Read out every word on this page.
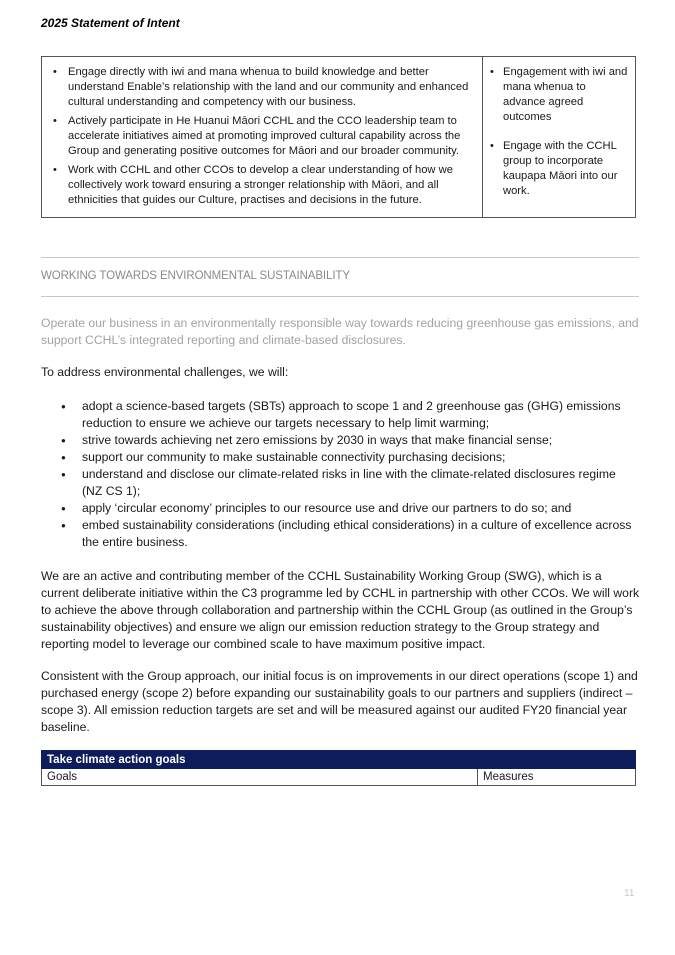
2025 Statement of Intent
• Engage directly with iwi and mana whenua to build knowledge and better understand Enable’s relationship with the land and our community and enhanced cultural understanding and competency with our business.
• Actively participate in He Huanui Māori CCHL and the CCO leadership team to accelerate initiatives aimed at promoting improved cultural capability across the Group and generating positive outcomes for Māori and our broader community.
• Work with CCHL and other CCOs to develop a clear understanding of how we collectively work toward ensuring a stronger relationship with Māori, and all ethnicities that guides our Culture, practises and decisions in the future.

• Engagement with iwi and mana whenua to advance agreed outcomes
• Engage with the CCHL group to incorporate kaupapa Māori into our work.
WORKING TOWARDS ENVIRONMENTAL SUSTAINABILITY
Operate our business in an environmentally responsible way towards reducing greenhouse gas emissions, and support CCHL’s integrated reporting and climate-based disclosures.
To address environmental challenges, we will:
● adopt a science-based targets (SBTs) approach to scope 1 and 2 greenhouse gas (GHG) emissions reduction to ensure we achieve our targets necessary to help limit warming;
● strive towards achieving net zero emissions by 2030 in ways that make financial sense;
● support our community to make sustainable connectivity purchasing decisions;
● understand and disclose our climate-related risks in line with the climate-related disclosures regime (NZ CS 1);
● apply ‘circular economy’ principles to our resource use and drive our partners to do so; and
● embed sustainability considerations (including ethical considerations) in a culture of excellence across the entire business.
We are an active and contributing member of the CCHL Sustainability Working Group (SWG), which is a current deliberate initiative within the C3 programme led by CCHL in partnership with other CCOs. We will work to achieve the above through collaboration and partnership within the CCHL Group (as outlined in the Group’s sustainability objectives) and ensure we align our emission reduction strategy to the Group strategy and reporting model to leverage our combined scale to have maximum positive impact.
Consistent with the Group approach, our initial focus is on improvements in our direct operations (scope 1) and purchased energy (scope 2) before expanding our sustainability goals to our partners and suppliers (indirect – scope 3). All emission reduction targets are set and will be measured against our audited FY20 financial year baseline.
Take climate action goals
Goals	Measures
11
